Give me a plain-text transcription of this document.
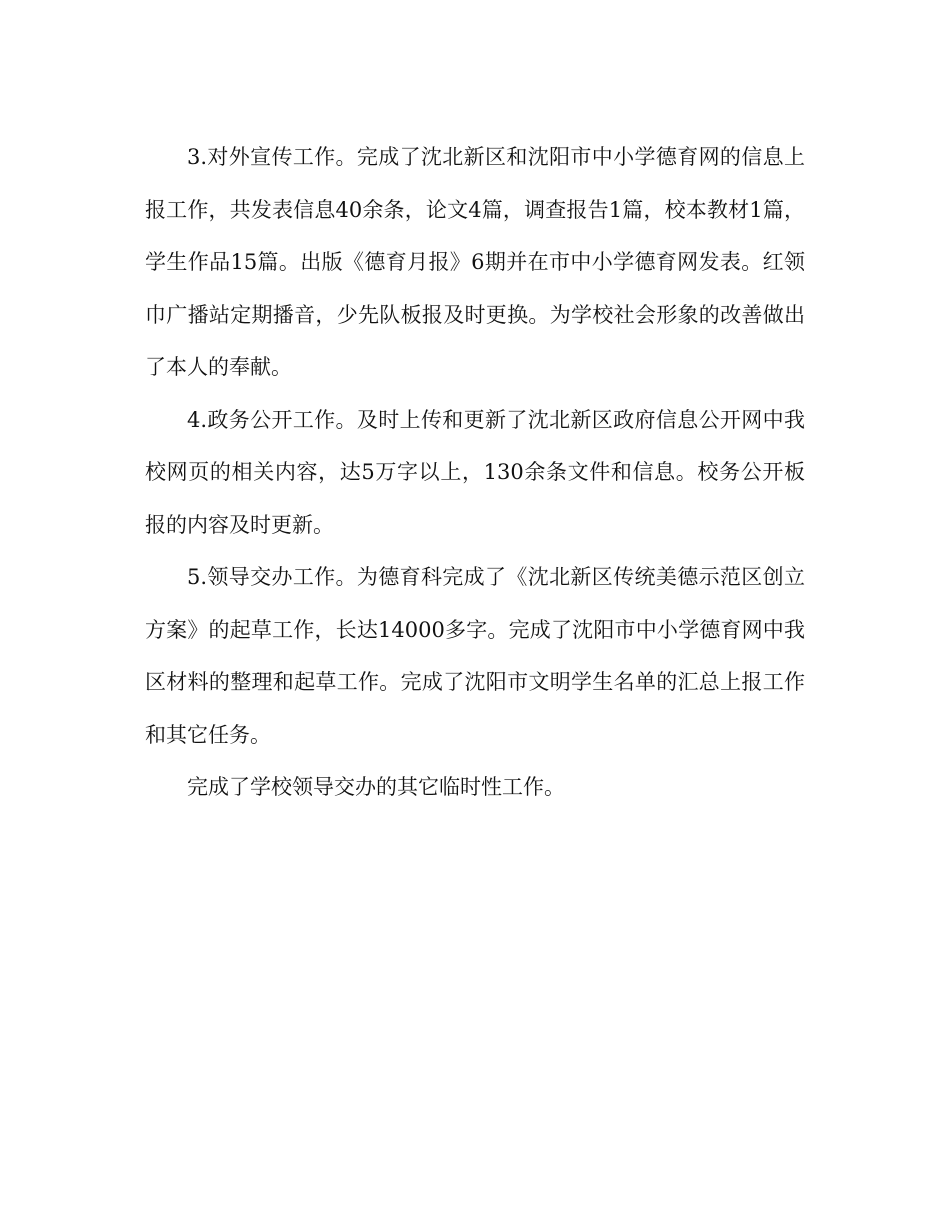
3.对外宣传工作。完成了沈北新区和沈阳市中小学德育网的信息上报工作，共发表信息40余条，论文4篇，调查报告1篇，校本教材1篇，学生作品15篇。出版《德育月报》6期并在市中小学德育网发表。红领巾广播站定期播音，少先队板报及时更换。为学校社会形象的改善做出了本人的奉献。

4.政务公开工作。及时上传和更新了沈北新区政府信息公开网中我校网页的相关内容，达5万字以上，130余条文件和信息。校务公开板报的内容及时更新。

5.领导交办工作。为德育科完成了《沈北新区传统美德示范区创立方案》的起草工作，长达14000多字。完成了沈阳市中小学德育网中我区材料的整理和起草工作。完成了沈阳市文明学生名单的汇总上报工作和其它任务。

完成了学校领导交办的其它临时性工作。
